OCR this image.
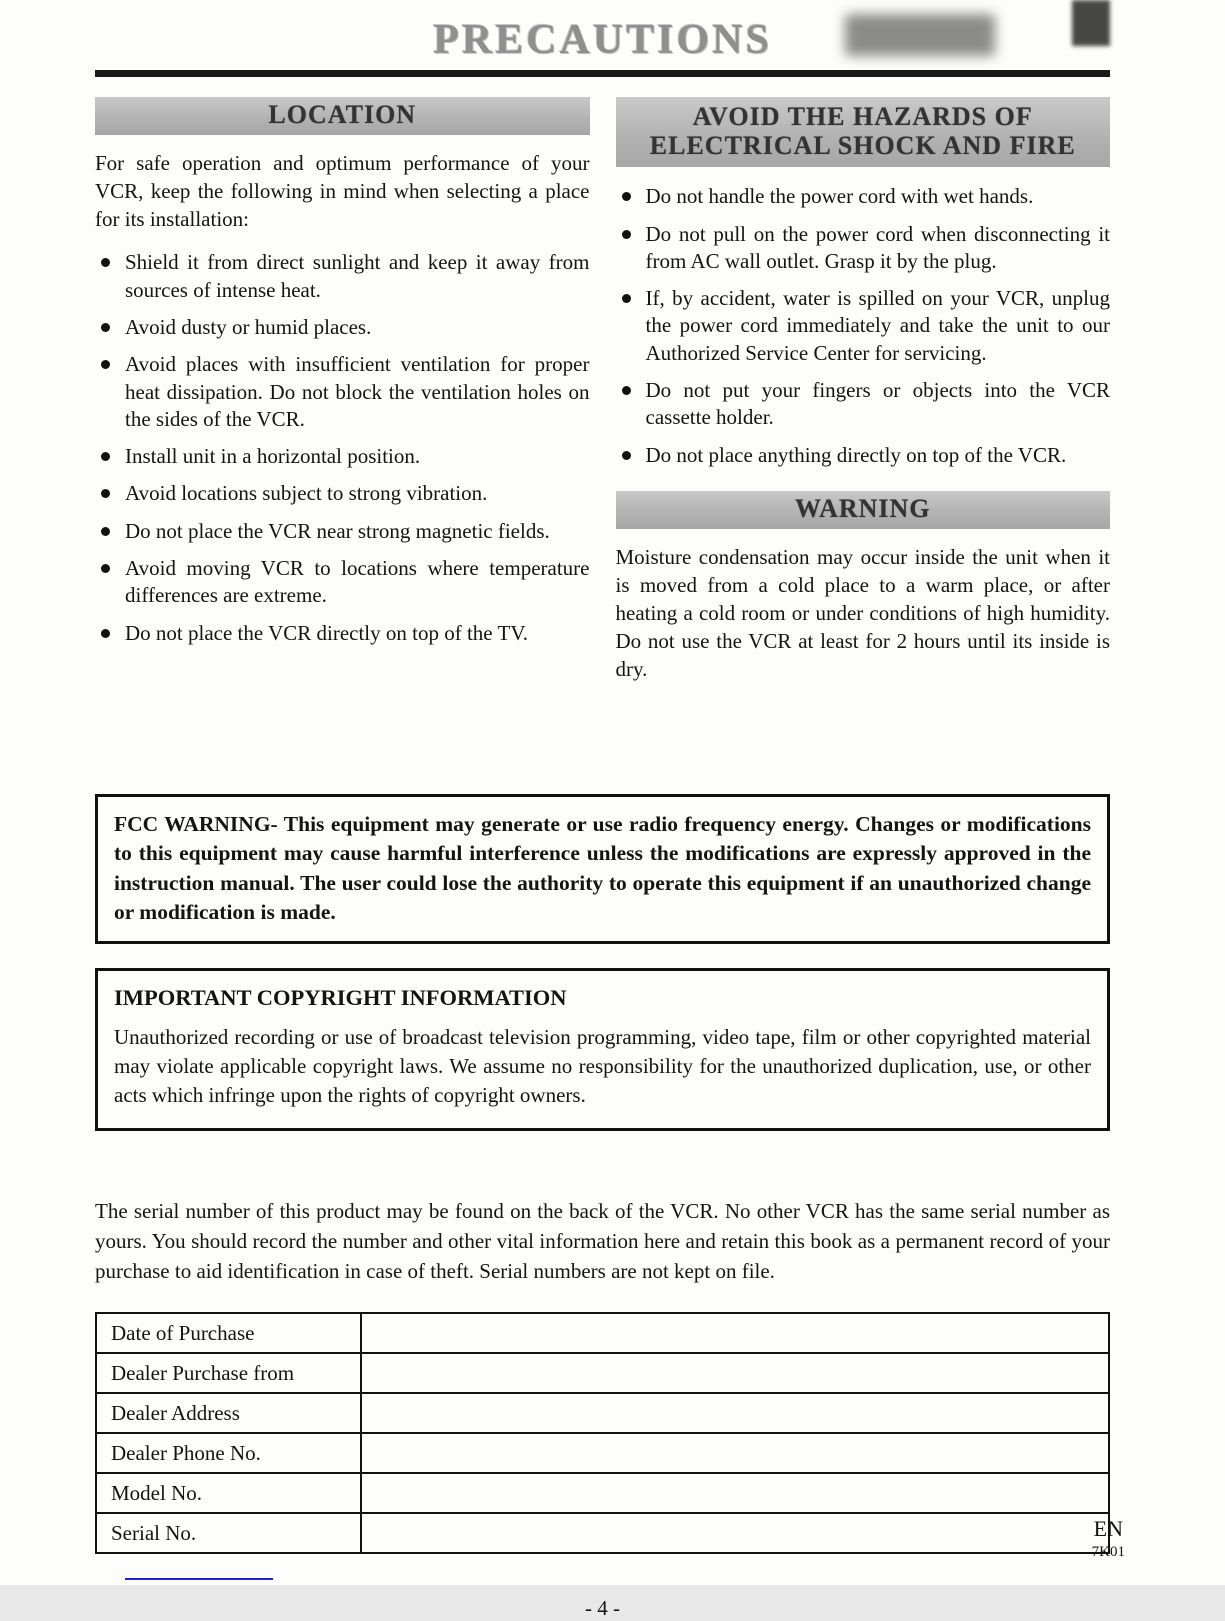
PRECAUTIONS
LOCATION

For safe operation and optimum performance of your VCR, keep the following in mind when selecting a place for its installation:

Shield it from direct sunlight and keep it away from sources of intense heat.
Avoid dusty or humid places.
Avoid places with insufficient ventilation for proper heat dissipation. Do not block the ventilation holes on the sides of the VCR.
Install unit in a horizontal position.
Avoid locations subject to strong vibration.
Do not place the VCR near strong magnetic fields.
Avoid moving VCR to locations where temperature differences are extreme.
Do not place the VCR directly on top of the TV.
AVOID THE HAZARDS OF
ELECTRICAL SHOCK AND FIRE
Do not handle the power cord with wet hands.
Do not pull on the power cord when disconnecting it from AC wall outlet. Grasp it by the plug.
If, by accident, water is spilled on your VCR, unplug the power cord immediately and take the unit to our Authorized Service Center for servicing.
Do not put your fingers or objects into the VCR cassette holder.
Do not place anything directly on top of the VCR.
WARNING

Moisture condensation may occur inside the unit when it is moved from a cold place to a warm place, or after heating a cold room or under conditions of high humidity. Do not use the VCR at least for 2 hours until its inside is dry.

FCC WARNING- This equipment may generate or use radio frequency energy. Changes or modifications to this equipment may cause harmful interference unless the modifications are expressly approved in the instruction manual. The user could lose the authority to operate this equipment if an unauthorized change or modification is made.
IMPORTANT COPYRIGHT INFORMATION

Unauthorized recording or use of broadcast television programming, video tape, film or other copyrighted material may violate applicable copyright laws. We assume no responsibility for the unauthorized duplication, use, or other acts which infringe upon the rights of copyright owners.

The serial number of this product may be found on the back of the VCR. No other VCR has the same serial number as yours. You should record the number and other vital information here and retain this book as a permanent record of your purchase to aid identification in case of theft. Serial numbers are not kept on file.

Date of Purchase	
Dealer Purchase from	
Dealer Address	
Dealer Phone No.	
Model No.	
Serial No.	
- 4 -
EN
7K01
